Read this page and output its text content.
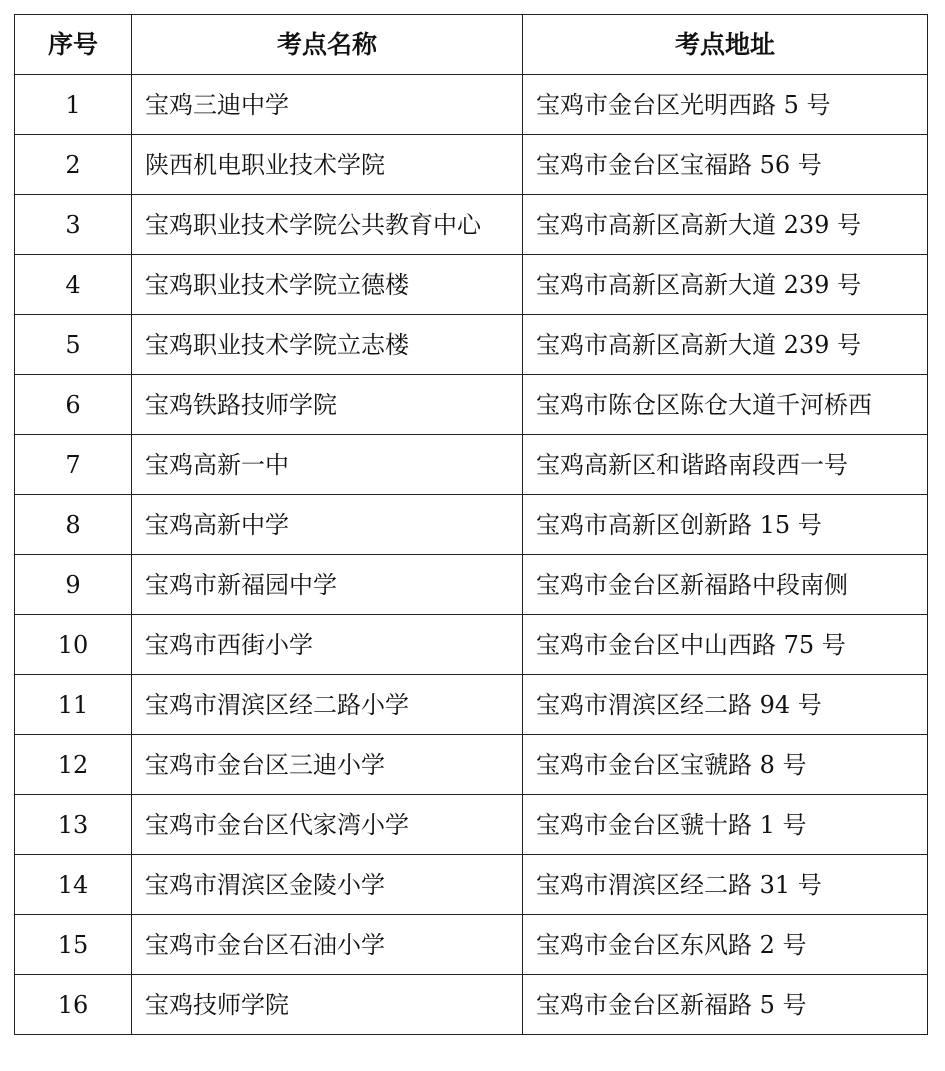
序号	考点名称	考点地址
1	宝鸡三迪中学	宝鸡市金台区光明西路 5 号
2	陕西机电职业技术学院	宝鸡市金台区宝福路 56 号
3	宝鸡职业技术学院公共教育中心	宝鸡市高新区高新大道 239 号
4	宝鸡职业技术学院立德楼	宝鸡市高新区高新大道 239 号
5	宝鸡职业技术学院立志楼	宝鸡市高新区高新大道 239 号
6	宝鸡铁路技师学院	宝鸡市陈仓区陈仓大道千河桥西
7	宝鸡高新一中	宝鸡高新区和谐路南段西一号
8	宝鸡高新中学	宝鸡市高新区创新路 15 号
9	宝鸡市新福园中学	宝鸡市金台区新福路中段南侧
10	宝鸡市西街小学	宝鸡市金台区中山西路 75 号
11	宝鸡市渭滨区经二路小学	宝鸡市渭滨区经二路 94 号
12	宝鸡市金台区三迪小学	宝鸡市金台区宝虢路 8 号
13	宝鸡市金台区代家湾小学	宝鸡市金台区虢十路 1 号
14	宝鸡市渭滨区金陵小学	宝鸡市渭滨区经二路 31 号
15	宝鸡市金台区石油小学	宝鸡市金台区东风路 2 号
16	宝鸡技师学院	宝鸡市金台区新福路 5 号
